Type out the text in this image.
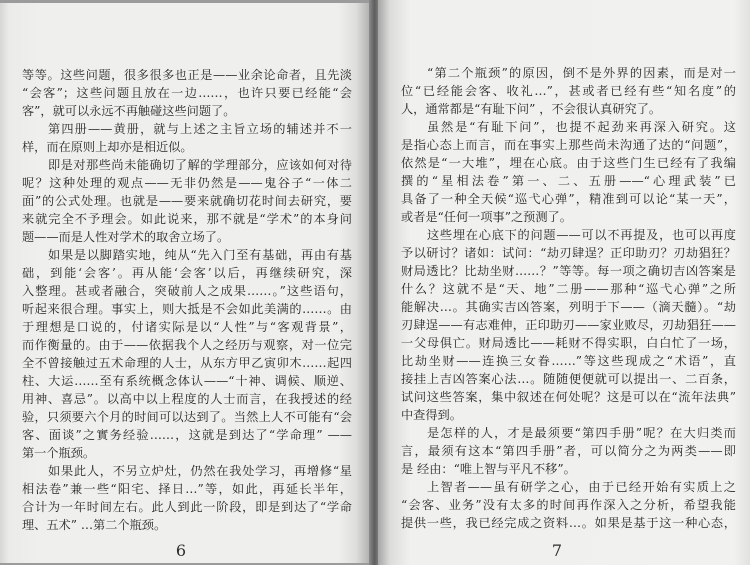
等等。这些问题，很多很多也正是——业余论命者，且先淡
“会客”；这些问题且放在一边……，也许只要已经能“会
客”，就可以永远不再触碰这些问题了。
第四册——黄册，就与上述之主旨立场的辅述并不一
样，而在原则上却亦是相近似。
即是对那些尚未能确切了解的学理部分，应该如何对待
呢？这种处理的观点——无非仍然是——鬼谷子“一体二
面”的公式处理。也就是——要来就确切花时间去研究，要
来就完全不予理会。如此说来，那不就是“学术”的本身问
题——而是人性对学术的取舍立场了。
如果是以脚踏实地，纯从“先入门至有基础，再由有基
础，到能‘会客’。再从能‘会客’以后，再继续研究，深
入整理。甚或者融合，突破前人之成果……。”这些语句，
听起来很合理。事实上，则大抵是不会如此美满的……。由
于理想是口说的，付诸实际是以“人性”与“客观背景”，
而作衡量的。由于——依据我个人之经历与观察，对一位完
全不曾接触过五术命理的人士，从东方甲乙寅卯木……起四
柱、大运……至有系统概念体认——“十神、调候、顺逆、
用神、喜忌”。以高中以上程度的人士而言，在我授述的经
验，只须要六个月的时间可以达到了。当然上人不可能有“会
客、面谈”之實务经验……，这就是到达了“学命理” ——
第一个瓶颈。
如果此人，不另立炉灶，仍然在我处学习，再增修“星
相法卷”兼一些“阳宅、择日…”等，如此，再延长半年，
合计为一年时间左右。此人到此一阶段，即是到达了“学命
理、五术” …第二个瓶颈。
6
“第二个瓶颈”的原因，倒不是外界的因素，而是对一
位“已经能会客、收礼…”，甚或者已经有些“知名度”的
人，通常都是“有耻下问” ，不会很认真研究了。
虽然是“有耻下问”，也提不起劲来再深入研究。这
是指心态上而言，而在事实上那些尚未沟通了达的“问题”，
依然是“一大堆”，埋在心底。由于这些门生已经有了我编
撰的“星相法卷”第一、二、五册——“心理武装”已
具备了一种全天候“巡弋心弹”，精准到可以论“某一天”，
或者是“任何一项事”之预测了。
这些埋在心底下的问题——可以不再提及，也可以再度
予以研讨？诸如：试问：“劫刃肆逞？正印助刃？刃劫猖狂？
财局透比？比劫坐财……？”等等。每一项之确切吉凶答案是
什么？这就不是“天、地”二册——那种“巡弋心弹”之所
能解决…。其确实吉凶答案，列明于下——（滴天髓）。“劫
刃肆逞——有志难伸，正印助刃——家业败尽，刃劫猖狂——
一父母俱亡。财局透比——耗财不得实职，白白忙了一场，
比劫坐财——连换三女眷……”等这些现成之“术语”，直
接挂上吉凶答案心法…。随随便便就可以提出一、二百条，
试问这些答案，集中叙述在何处呢？这是可以在“流年法典”
中查得到。
是怎样的人，才是最须要“第四手册”呢？在大归类而
言，最须有这本“第四手册”者，可以简分之为两类——即
是 经由：“唯上智与平凡不移”。
上智者——虽有研学之心，由于已经开始有实质上之
“会客、业务”没有太多的时间再作深入之分析，希望我能
提供一些，我已经完成之资料…。如果是基于这一种心态，
7
